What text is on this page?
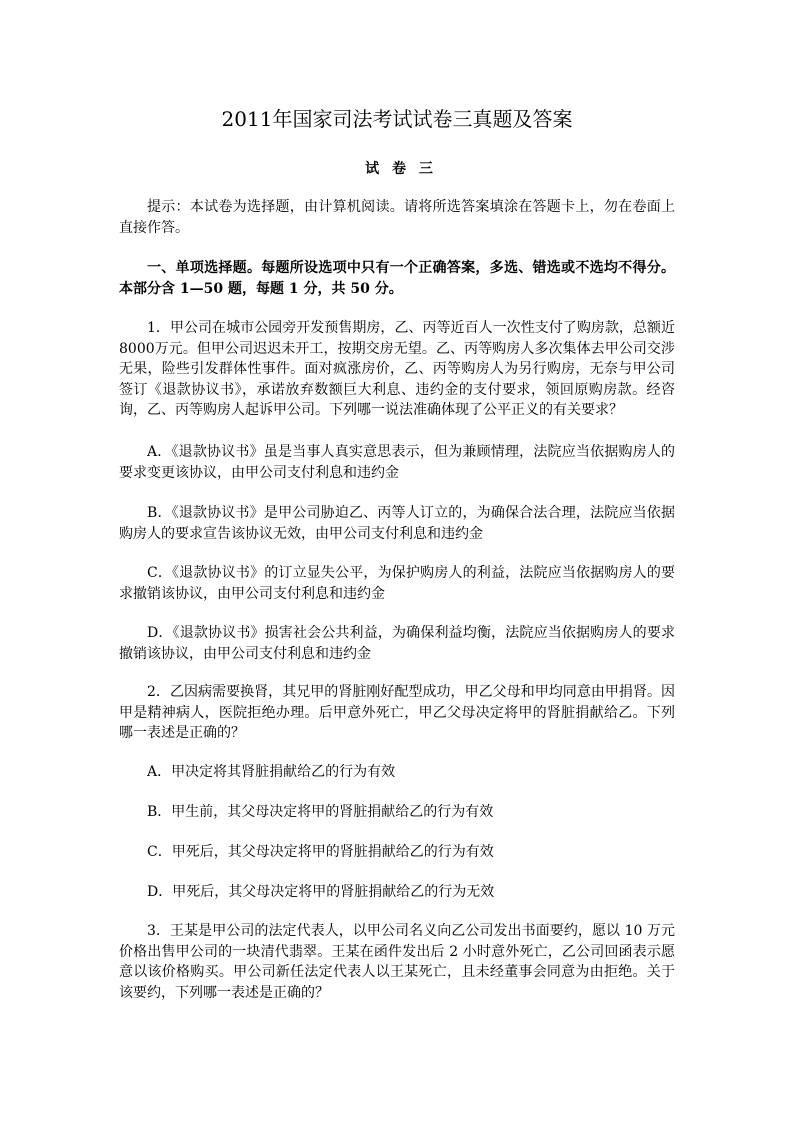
2011年国家司法考试试卷三真题及答案
试 卷 三
提示：本试卷为选择题，由计算机阅读。请将所选答案填涂在答题卡上，勿在卷面上直接作答。
一、单项选择题。每题所设选项中只有一个正确答案，多选、错选或不选均不得分。本部分含 1—50 题，每题 1 分，共 50 分。
1．甲公司在城市公园旁开发预售期房，乙、丙等近百人一次性支付了购房款，总额近8000万元。但甲公司迟迟未开工，按期交房无望。乙、丙等购房人多次集体去甲公司交涉无果，险些引发群体性事件。面对疯涨房价，乙、丙等购房人为另行购房，无奈与甲公司签订《退款协议书》，承诺放弃数额巨大利息、违约金的支付要求，领回原购房款。经咨询，乙、丙等购房人起诉甲公司。下列哪一说法准确体现了公平正义的有关要求？
A．《退款协议书》虽是当事人真实意思表示，但为兼顾情理，法院应当依据购房人的要求变更该协议，由甲公司支付利息和违约金
B．《退款协议书》是甲公司胁迫乙、丙等人订立的，为确保合法合理，法院应当依据购房人的要求宣告该协议无效，由甲公司支付利息和违约金
C．《退款协议书》的订立显失公平，为保护购房人的利益，法院应当依据购房人的要求撤销该协议，由甲公司支付利息和违约金
D．《退款协议书》损害社会公共利益，为确保利益均衡，法院应当依据购房人的要求撤销该协议，由甲公司支付利息和违约金
2．乙因病需要换肾，其兄甲的肾脏刚好配型成功，甲乙父母和甲均同意由甲捐肾。因甲是精神病人，医院拒绝办理。后甲意外死亡，甲乙父母决定将甲的肾脏捐献给乙。下列哪一表述是正确的？
A．甲决定将其肾脏捐献给乙的行为有效
B．甲生前，其父母决定将甲的肾脏捐献给乙的行为有效
C．甲死后，其父母决定将甲的肾脏捐献给乙的行为有效
D．甲死后，其父母决定将甲的肾脏捐献给乙的行为无效
3．王某是甲公司的法定代表人，以甲公司名义向乙公司发出书面要约，愿以 10 万元价格出售甲公司的一块清代翡翠。王某在函件发出后 2 小时意外死亡，乙公司回函表示愿意以该价格购买。甲公司新任法定代表人以王某死亡，且未经董事会同意为由拒绝。关于该要约，下列哪一表述是正确的？
